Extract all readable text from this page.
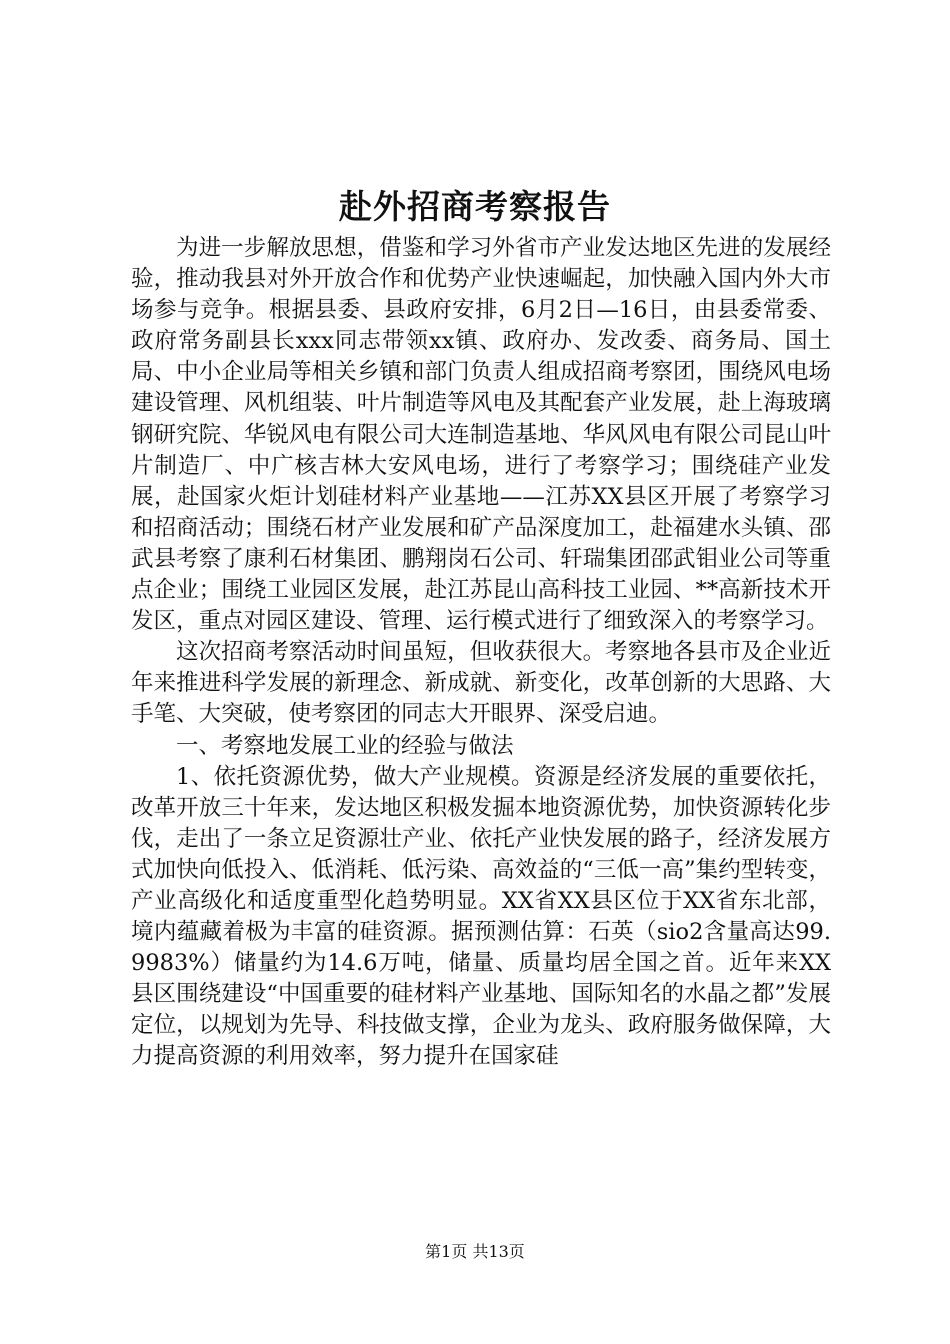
赴外招商考察报告

为进一步解放思想，借鉴和学习外省市产业发达地区先进的发展经验，推动我县对外开放合作和优势产业快速崛起，加快融入国内外大市场参与竞争。根据县委、县政府安排，6月2日—16日，由县委常委、政府常务副县长xxx同志带领xx镇、政府办、发改委、商务局、国土局、中小企业局等相关乡镇和部门负责人组成招商考察团，围绕风电场建设管理、风机组装、叶片制造等风电及其配套产业发展，赴上海玻璃钢研究院、华锐风电有限公司大连制造基地、华风风电有限公司昆山叶片制造厂、中广核吉林大安风电场，进行了考察学习；围绕硅产业发展，赴国家火炬计划硅材料产业基地——江苏XX县区开展了考察学习和招商活动；围绕石材产业发展和矿产品深度加工，赴福建水头镇、邵武县考察了康利石材集团、鹏翔岗石公司、轩瑞集团邵武钼业公司等重点企业；围绕工业园区发展，赴江苏昆山高科技工业园、**高新技术开发区，重点对园区建设、管理、运行模式进行了细致深入的考察学习。

这次招商考察活动时间虽短，但收获很大。考察地各县市及企业近年来推进科学发展的新理念、新成就、新变化，改革创新的大思路、大手笔、大突破，使考察团的同志大开眼界、深受启迪。

一、考察地发展工业的经验与做法

1、依托资源优势，做大产业规模。资源是经济发展的重要依托，改革开放三十年来，发达地区积极发掘本地资源优势，加快资源转化步伐，走出了一条立足资源壮产业、依托产业快发展的路子，经济发展方式加快向低投入、低消耗、低污染、高效益的“三低一高”集约型转变，产业高级化和适度重型化趋势明显。XX省XX县区位于XX省东北部，境内蕴藏着极为丰富的硅资源。据预测估算：石英（sio2含量高达99.9983%）储量约为14.6万吨，储量、质量均居全国之首。近年来XX县区围绕建设“中国重要的硅材料产业基地、国际知名的水晶之都”发展定位，以规划为先导、科技做支撑，企业为龙头、政府服务做保障，大力提高资源的利用效率，努力提升在国家硅

第1页 共13页
